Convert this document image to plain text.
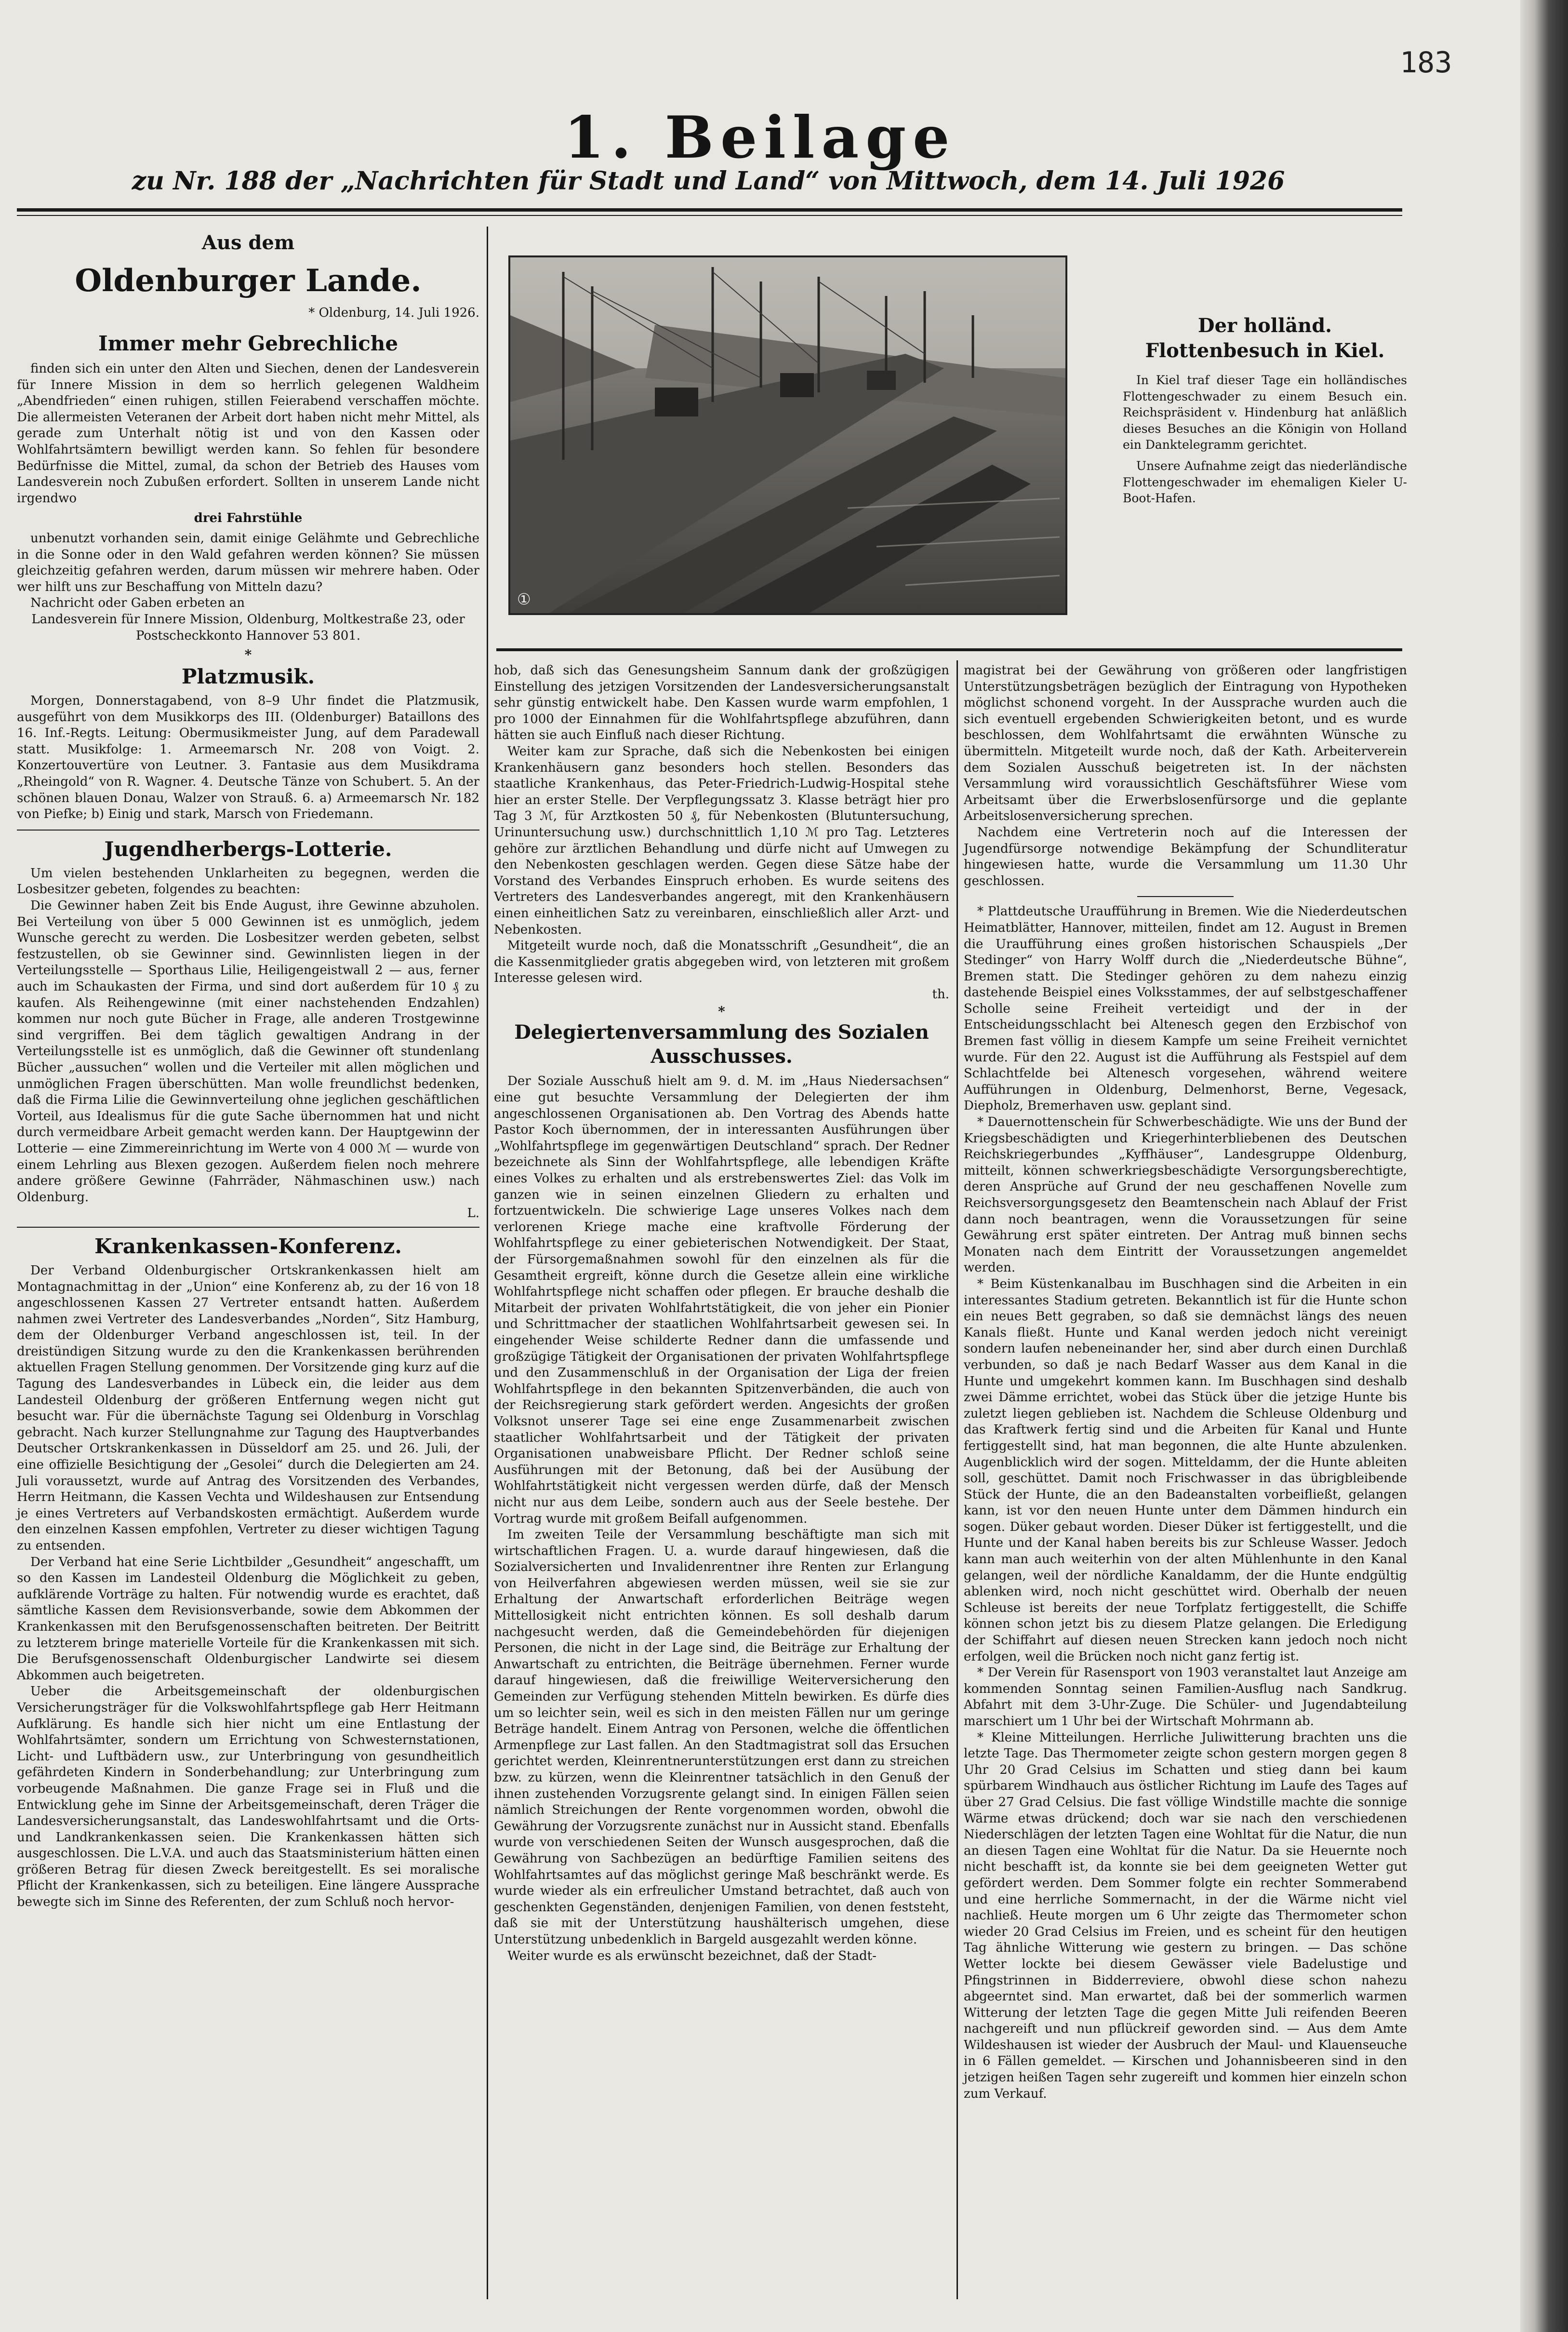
183
1. Beilage
zu Nr. 188 der „Nachrichten für Stadt und Land“ von Mittwoch, dem 14. Juli 1926
Aus dem
Oldenburger Lande.
* Oldenburg, 14. Juli 1926.
Immer mehr Gebrechliche

finden sich ein unter den Alten und Siechen, denen der Landesverein für Innere Mission in dem so herrlich gelegenen Waldheim „Abendfrieden“ einen ruhigen, stillen Feierabend verschaffen möchte. Die allermeisten Veteranen der Arbeit dort haben nicht mehr Mittel, als gerade zum Unterhalt nötig ist und von den Kassen oder Wohlfahrtsämtern bewilligt werden kann. So fehlen für besondere Bedürfnisse die Mittel, zumal, da schon der Betrieb des Hauses vom Landesverein noch Zubußen erfordert. Sollten in unserem Lande nicht irgendwo

drei Fahrstühle

unbenutzt vorhanden sein, damit einige Gelähmte und Gebrechliche in die Sonne oder in den Wald gefahren werden können? Sie müssen gleichzeitig gefahren werden, darum müssen wir mehrere haben. Oder wer hilft uns zur Beschaffung von Mitteln dazu?

Nachricht oder Gaben erbeten an

Landesverein für Innere Mission, Oldenburg, Moltkestraße 23, oder Postscheckkonto Hannover 53 801.

*
Platzmusik.

Morgen, Donnerstagabend, von 8–9 Uhr findet die Platzmusik, ausgeführt von dem Musikkorps des III. (Oldenburger) Bataillons des 16. Inf.-Regts. Leitung: Obermusikmeister Jung, auf dem Paradewall statt. Musikfolge: 1. Armeemarsch Nr. 208 von Voigt. 2. Konzertouvertüre von Leutner. 3. Fantasie aus dem Musikdrama „Rheingold“ von R. Wagner. 4. Deutsche Tänze von Schubert. 5. An der schönen blauen Donau, Walzer von Strauß. 6. a) Armeemarsch Nr. 182 von Piefke; b) Einig und stark, Marsch von Friedemann.

Jugendherbergs-Lotterie.

Um vielen bestehenden Unklarheiten zu begegnen, werden die Losbesitzer gebeten, folgendes zu beachten:

Die Gewinner haben Zeit bis Ende August, ihre Gewinne abzuholen. Bei Verteilung von über 5 000 Gewinnen ist es unmöglich, jedem Wunsche gerecht zu werden. Die Losbesitzer werden gebeten, selbst festzustellen, ob sie Gewinner sind. Gewinnlisten liegen in der Verteilungsstelle — Sporthaus Lilie, Heiligengeistwall 2 — aus, ferner auch im Schaukasten der Firma, und sind dort außerdem für 10 ₰ zu kaufen. Als Reihengewinne (mit einer nachstehenden Endzahlen) kommen nur noch gute Bücher in Frage, alle anderen Trostgewinne sind vergriffen. Bei dem täglich gewaltigen Andrang in der Verteilungsstelle ist es unmöglich, daß die Gewinner oft stundenlang Bücher „aussuchen“ wollen und die Verteiler mit allen möglichen und unmöglichen Fragen überschütten. Man wolle freundlichst bedenken, daß die Firma Lilie die Gewinnverteilung ohne jeglichen geschäftlichen Vorteil, aus Idealismus für die gute Sache übernommen hat und nicht durch vermeidbare Arbeit gemacht werden kann. Der Hauptgewinn der Lotterie — eine Zimmereinrichtung im Werte von 4 000 ℳ — wurde von einem Lehrling aus Blexen gezogen. Außerdem fielen noch mehrere andere größere Gewinne (Fahrräder, Nähmaschinen usw.) nach Oldenburg.

L.

Krankenkassen-Konferenz.

Der Verband Oldenburgischer Ortskrankenkassen hielt am Montagnachmittag in der „Union“ eine Konferenz ab, zu der 16 von 18 angeschlossenen Kassen 27 Vertreter entsandt hatten. Außerdem nahmen zwei Vertreter des Landesverbandes „Norden“, Sitz Hamburg, dem der Oldenburger Verband angeschlossen ist, teil. In der dreistündigen Sitzung wurde zu den die Krankenkassen berührenden aktuellen Fragen Stellung genommen. Der Vorsitzende ging kurz auf die Tagung des Landesverbandes in Lübeck ein, die leider aus dem Landesteil Oldenburg der größeren Entfernung wegen nicht gut besucht war. Für die übernächste Tagung sei Oldenburg in Vorschlag gebracht. Nach kurzer Stellungnahme zur Tagung des Hauptverbandes Deutscher Ortskrankenkassen in Düsseldorf am 25. und 26. Juli, der eine offizielle Besichtigung der „Gesolei“ durch die Delegierten am 24. Juli voraussetzt, wurde auf Antrag des Vorsitzenden des Verbandes, Herrn Heitmann, die Kassen Vechta und Wildeshausen zur Entsendung je eines Vertreters auf Verbandskosten ermächtigt. Außerdem wurde den einzelnen Kassen empfohlen, Vertreter zu dieser wichtigen Tagung zu entsenden.

Der Verband hat eine Serie Lichtbilder „Gesundheit“ angeschafft, um so den Kassen im Landesteil Oldenburg die Möglichkeit zu geben, aufklärende Vorträge zu halten. Für notwendig wurde es erachtet, daß sämtliche Kassen dem Revisionsverbande, sowie dem Abkommen der Krankenkassen mit den Berufsgenossenschaften beitreten. Der Beitritt zu letzterem bringe materielle Vorteile für die Krankenkassen mit sich. Die Berufsgenossenschaft Oldenburgischer Landwirte sei diesem Abkommen auch beigetreten.

Ueber die Arbeitsgemeinschaft der oldenburgischen Versicherungsträger für die Volkswohlfahrtspflege gab Herr Heitmann Aufklärung. Es handle sich hier nicht um eine Entlastung der Wohlfahrtsämter, sondern um Errichtung von Schwesternstationen, Licht- und Luftbädern usw., zur Unterbringung von gesundheitlich gefährdeten Kindern in Sonderbehandlung; zur Unterbringung zum vorbeugende Maßnahmen. Die ganze Frage sei in Fluß und die Entwicklung gehe im Sinne der Arbeitsgemeinschaft, deren Träger die Landesversicherungsanstalt, das Landeswohlfahrtsamt und die Orts- und Landkrankenkassen seien. Die Krankenkassen hätten sich ausgeschlossen. Die L.V.A. und auch das Staatsministerium hätten einen größeren Betrag für diesen Zweck bereitgestellt. Es sei moralische Pflicht der Krankenkassen, sich zu beteiligen. Eine längere Aussprache bewegte sich im Sinne des Referenten, der zum Schluß noch hervor-

①
Der holländ. Flottenbesuch in Kiel.
In Kiel traf dieser Tage ein holländisches Flottengeschwader zu einem Besuch ein. Reichspräsident v. Hindenburg hat anläßlich dieses Besuches an die Königin von Holland ein Danktelegramm gerichtet.
Unsere Aufnahme zeigt das niederländische Flottengeschwader im ehemaligen Kieler U-Boot-Hafen.

hob, daß sich das Genesungsheim Sannum dank der großzügigen Einstellung des jetzigen Vorsitzenden der Landesversicherungsanstalt sehr günstig entwickelt habe. Den Kassen wurde warm empfohlen, 1 pro 1000 der Einnahmen für die Wohlfahrtspflege abzuführen, dann hätten sie auch Einfluß nach dieser Richtung.

Weiter kam zur Sprache, daß sich die Nebenkosten bei einigen Krankenhäusern ganz besonders hoch stellen. Besonders das staatliche Krankenhaus, das Peter-Friedrich-Ludwig-Hospital stehe hier an erster Stelle. Der Verpflegungssatz 3. Klasse beträgt hier pro Tag 3 ℳ, für Arztkosten 50 ₰, für Nebenkosten (Blutuntersuchung, Urinuntersuchung usw.) durchschnittlich 1,10 ℳ pro Tag. Letzteres gehöre zur ärztlichen Behandlung und dürfe nicht auf Umwegen zu den Nebenkosten geschlagen werden. Gegen diese Sätze habe der Vorstand des Verbandes Einspruch erhoben. Es wurde seitens des Vertreters des Landesverbandes angeregt, mit den Krankenhäusern einen einheitlichen Satz zu vereinbaren, einschließlich aller Arzt- und Nebenkosten.

Mitgeteilt wurde noch, daß die Monatsschrift „Gesundheit“, die an die Kassenmitglieder gratis abgegeben wird, von letzteren mit großem Interesse gelesen wird.

th.

*
Delegiertenversammlung des Sozialen Ausschusses.

Der Soziale Ausschuß hielt am 9. d. M. im „Haus Niedersachsen“ eine gut besuchte Versammlung der Delegierten der ihm angeschlossenen Organisationen ab. Den Vortrag des Abends hatte Pastor Koch übernommen, der in interessanten Ausführungen über „Wohlfahrtspflege im gegenwärtigen Deutschland“ sprach. Der Redner bezeichnete als Sinn der Wohlfahrtspflege, alle lebendigen Kräfte eines Volkes zu erhalten und als erstrebenswertes Ziel: das Volk im ganzen wie in seinen einzelnen Gliedern zu erhalten und fortzuentwickeln. Die schwierige Lage unseres Volkes nach dem verlorenen Kriege mache eine kraftvolle Förderung der Wohlfahrtspflege zu einer gebieterischen Notwendigkeit. Der Staat, der Fürsorgemaßnahmen sowohl für den einzelnen als für die Gesamtheit ergreift, könne durch die Gesetze allein eine wirkliche Wohlfahrtspflege nicht schaffen oder pflegen. Er brauche deshalb die Mitarbeit der privaten Wohlfahrtstätigkeit, die von jeher ein Pionier und Schrittmacher der staatlichen Wohlfahrtsarbeit gewesen sei. In eingehender Weise schilderte Redner dann die umfassende und großzügige Tätigkeit der Organisationen der privaten Wohlfahrtspflege und den Zusammenschluß in der Organisation der Liga der freien Wohlfahrtspflege in den bekannten Spitzenverbänden, die auch von der Reichsregierung stark gefördert werden. Angesichts der großen Volksnot unserer Tage sei eine enge Zusammenarbeit zwischen staatlicher Wohlfahrtsarbeit und der Tätigkeit der privaten Organisationen unabweisbare Pflicht. Der Redner schloß seine Ausführungen mit der Betonung, daß bei der Ausübung der Wohlfahrtstätigkeit nicht vergessen werden dürfe, daß der Mensch nicht nur aus dem Leibe, sondern auch aus der Seele bestehe. Der Vortrag wurde mit großem Beifall aufgenommen.

Im zweiten Teile der Versammlung beschäftigte man sich mit wirtschaftlichen Fragen. U. a. wurde darauf hingewiesen, daß die Sozialversicherten und Invalidenrentner ihre Renten zur Erlangung von Heilverfahren abgewiesen werden müssen, weil sie sie zur Erhaltung der Anwartschaft erforderlichen Beiträge wegen Mittellosigkeit nicht entrichten können. Es soll deshalb darum nachgesucht werden, daß die Gemeindebehörden für diejenigen Personen, die nicht in der Lage sind, die Beiträge zur Erhaltung der Anwartschaft zu entrichten, die Beiträge übernehmen. Ferner wurde darauf hingewiesen, daß die freiwillige Weiterversicherung den Gemeinden zur Verfügung stehenden Mitteln bewirken. Es dürfe dies um so leichter sein, weil es sich in den meisten Fällen nur um geringe Beträge handelt. Einem Antrag von Personen, welche die öffentlichen Armenpflege zur Last fallen. An den Stadtmagistrat soll das Ersuchen gerichtet werden, Kleinrentnerunterstützungen erst dann zu streichen bzw. zu kürzen, wenn die Kleinrentner tatsächlich in den Genuß der ihnen zustehenden Vorzugsrente gelangt sind. In einigen Fällen seien nämlich Streichungen der Rente vorgenommen worden, obwohl die Gewährung der Vorzugsrente zunächst nur in Aussicht stand. Ebenfalls wurde von verschiedenen Seiten der Wunsch ausgesprochen, daß die Gewährung von Sachbezügen an bedürftige Familien seitens des Wohlfahrtsamtes auf das möglichst geringe Maß beschränkt werde. Es wurde wieder als ein erfreulicher Umstand betrachtet, daß auch von geschenkten Gegenständen, denjenigen Familien, von denen feststeht, daß sie mit der Unterstützung haushälterisch umgehen, diese Unterstützung unbedenklich in Bargeld ausgezahlt werden könne.

Weiter wurde es als erwünscht bezeichnet, daß der Stadt-

magistrat bei der Gewährung von größeren oder langfristigen Unterstützungsbeträgen bezüglich der Eintragung von Hypotheken möglichst schonend vorgeht. In der Aussprache wurden auch die sich eventuell ergebenden Schwierigkeiten betont, und es wurde beschlossen, dem Wohlfahrtsamt die erwähnten Wünsche zu übermitteln. Mitgeteilt wurde noch, daß der Kath. Arbeiterverein dem Sozialen Ausschuß beigetreten ist. In der nächsten Versammlung wird voraussichtlich Geschäftsführer Wiese vom Arbeitsamt über die Erwerbslosenfürsorge und die geplante Arbeitslosenversicherung sprechen.

Nachdem eine Vertreterin noch auf die Interessen der Jugendfürsorge notwendige Bekämpfung der Schundliteratur hingewiesen hatte, wurde die Versammlung um 11.30 Uhr geschlossen.

* Plattdeutsche Uraufführung in Bremen. Wie die Niederdeutschen Heimatblätter, Hannover, mitteilen, findet am 12. August in Bremen die Uraufführung eines großen historischen Schauspiels „Der Stedinger“ von Harry Wolff durch die „Niederdeutsche Bühne“, Bremen statt. Die Stedinger gehören zu dem nahezu einzig dastehende Beispiel eines Volksstammes, der auf selbstgeschaffener Scholle seine Freiheit verteidigt und der in der Entscheidungsschlacht bei Altenesch gegen den Erzbischof von Bremen fast völlig in diesem Kampfe um seine Freiheit vernichtet wurde. Für den 22. August ist die Aufführung als Festspiel auf dem Schlachtfelde bei Altenesch vorgesehen, während weitere Aufführungen in Oldenburg, Delmenhorst, Berne, Vegesack, Diepholz, Bremerhaven usw. geplant sind.

* Dauernottenschein für Schwerbeschädigte. Wie uns der Bund der Kriegsbeschädigten und Kriegerhinterbliebenen des Deutschen Reichskriegerbundes „Kyffhäuser“, Landesgruppe Oldenburg, mitteilt, können schwerkriegsbeschädigte Versorgungsberechtigte, deren Ansprüche auf Grund der neu geschaffenen Novelle zum Reichsversorgungsgesetz den Beamtenschein nach Ablauf der Frist dann noch beantragen, wenn die Voraussetzungen für seine Gewährung erst später eintreten. Der Antrag muß binnen sechs Monaten nach dem Eintritt der Voraussetzungen angemeldet werden.

* Beim Küstenkanalbau im Buschhagen sind die Arbeiten in ein interessantes Stadium getreten. Bekanntlich ist für die Hunte schon ein neues Bett gegraben, so daß sie demnächst längs des neuen Kanals fließt. Hunte und Kanal werden jedoch nicht vereinigt sondern laufen nebeneinander her, sind aber durch einen Durchlaß verbunden, so daß je nach Bedarf Wasser aus dem Kanal in die Hunte und umgekehrt kommen kann. Im Buschhagen sind deshalb zwei Dämme errichtet, wobei das Stück über die jetzige Hunte bis zuletzt liegen geblieben ist. Nachdem die Schleuse Oldenburg und das Kraftwerk fertig sind und die Arbeiten für Kanal und Hunte fertiggestellt sind, hat man begonnen, die alte Hunte abzulenken. Augenblicklich wird der sogen. Mitteldamm, der die Hunte ableiten soll, geschüttet. Damit noch Frischwasser in das übrigbleibende Stück der Hunte, die an den Badeanstalten vorbeifließt, gelangen kann, ist vor den neuen Hunte unter dem Dämmen hindurch ein sogen. Düker gebaut worden. Dieser Düker ist fertiggestellt, und die Hunte und der Kanal haben bereits bis zur Schleuse Wasser. Jedoch kann man auch weiterhin von der alten Mühlenhunte in den Kanal gelangen, weil der nördliche Kanaldamm, der die Hunte endgültig ablenken wird, noch nicht geschüttet wird. Oberhalb der neuen Schleuse ist bereits der neue Torfplatz fertiggestellt, die Schiffe können schon jetzt bis zu diesem Platze gelangen. Die Erledigung der Schiffahrt auf diesen neuen Strecken kann jedoch noch nicht erfolgen, weil die Brücken noch nicht ganz fertig ist.

* Der Verein für Rasensport von 1903 veranstaltet laut Anzeige am kommenden Sonntag seinen Familien-Ausflug nach Sandkrug. Abfahrt mit dem 3-Uhr-Zuge. Die Schüler- und Jugendabteilung marschiert um 1 Uhr bei der Wirtschaft Mohrmann ab.

* Kleine Mitteilungen. Herrliche Juliwitterung brachten uns die letzte Tage. Das Thermometer zeigte schon gestern morgen gegen 8 Uhr 20 Grad Celsius im Schatten und stieg dann bei kaum spürbarem Windhauch aus östlicher Richtung im Laufe des Tages auf über 27 Grad Celsius. Die fast völlige Windstille machte die sonnige Wärme etwas drückend; doch war sie nach den verschiedenen Niederschlägen der letzten Tagen eine Wohltat für die Natur, die nun an diesen Tagen eine Wohltat für die Natur. Da sie Heuernte noch nicht beschafft ist, da konnte sie bei dem geeigneten Wetter gut gefördert werden. Dem Sommer folgte ein rechter Sommerabend und eine herrliche Sommernacht, in der die Wärme nicht viel nachließ. Heute morgen um 6 Uhr zeigte das Thermometer schon wieder 20 Grad Celsius im Freien, und es scheint für den heutigen Tag ähnliche Witterung wie gestern zu bringen. — Das schöne Wetter lockte bei diesem Gewässer viele Badelustige und Pfingstrinnen in Bidderreviere, obwohl diese schon nahezu abgeerntet sind. Man erwartet, daß bei der sommerlich warmen Witterung der letzten Tage die gegen Mitte Juli reifenden Beeren nachgereift und nun pflückreif geworden sind. — Aus dem Amte Wildeshausen ist wieder der Ausbruch der Maul- und Klauenseuche in 6 Fällen gemeldet. — Kirschen und Johannisbeeren sind in den jetzigen heißen Tagen sehr zugereift und kommen hier einzeln schon zum Verkauf.
